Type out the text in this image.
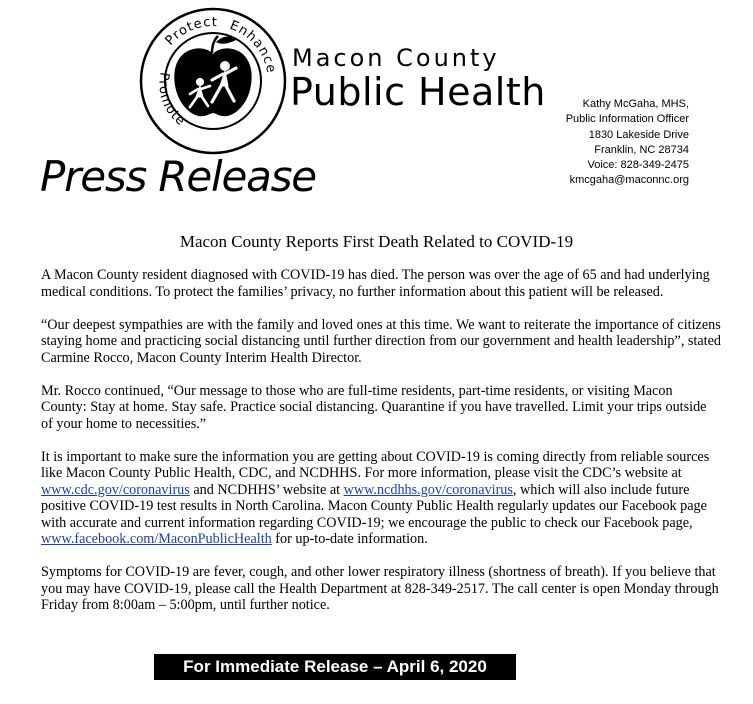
Protect Enhance
Promote
Macon County
Public Health	Kathy McGaha, MHS,
Public Information Officer
1830 Lakeside Drive
Franklin, NC 28734
Voice: 828-349-2475
kmcgaha@maconnc.org
Press Release
Macon County Reports First Death Related to COVID-19

A Macon County resident diagnosed with COVID-19 has died. The person was over the age of 65 and had underlying medical conditions. To protect the families’ privacy, no further information about this patient will be released.

“Our deepest sympathies are with the family and loved ones at this time. We want to reiterate the importance of citizens staying home and practicing social distancing until further direction from our government and health leadership”, stated Carmine Rocco, Macon County Interim Health Director.

Mr. Rocco continued, “Our message to those who are full-time residents, part-time residents, or visiting Macon County: Stay at home. Stay safe. Practice social distancing. Quarantine if you have travelled. Limit your trips outside of your home to necessities.”

It is important to make sure the information you are getting about COVID-19 is coming directly from reliable sources like Macon County Public Health, CDC, and NCDHHS. For more information, please visit the CDC’s website at www.cdc.gov/coronavirus and NCDHHS’ website at www.ncdhhs.gov/coronavirus, which will also include future positive COVID-19 test results in North Carolina. Macon County Public Health regularly updates our Facebook page with accurate and current information regarding COVID-19; we encourage the public to check our Facebook page, www.facebook.com/MaconPublicHealth for up-to-date information.

Symptoms for COVID-19 are fever, cough, and other lower respiratory illness (shortness of breath). If you believe that you may have COVID-19, please call the Health Department at 828-349-2517. The call center is open Monday through Friday from 8:00am – 5:00pm, until further notice.

For Immediate Release – April 6, 2020
